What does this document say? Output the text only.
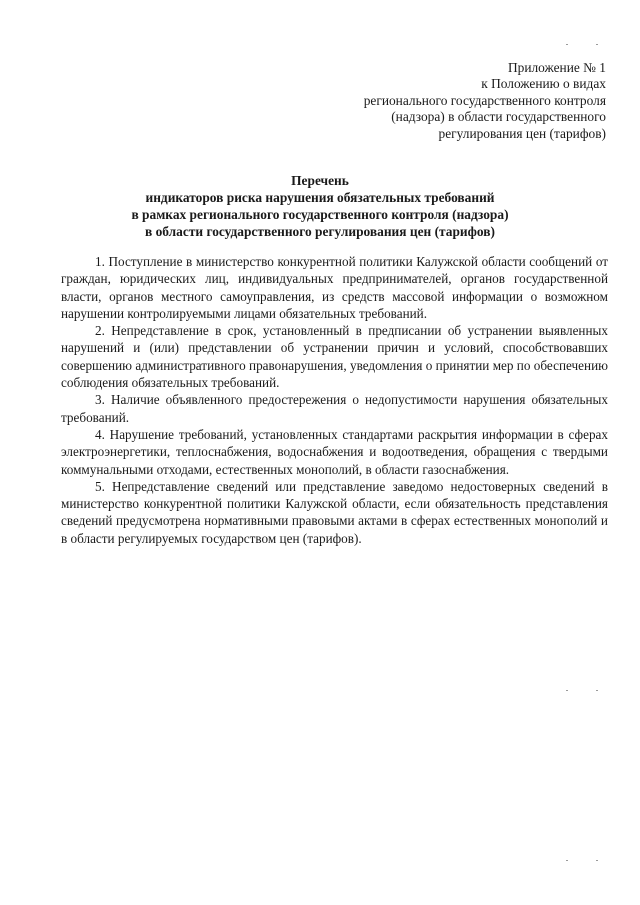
Приложение № 1
к Положению о видах
регионального государственного контроля
(надзора) в области государственного
регулирования цен (тарифов)
Перечень
индикаторов риска нарушения обязательных требований
в рамках регионального государственного контроля (надзора)
в области государственного регулирования цен (тарифов)

1. Поступление в министерство конкурентной политики Калужской области сообщений от граждан, юридических лиц, индивидуальных предпринимателей, органов государственной власти, органов местного самоуправления, из средств массовой информации о возможном нарушении контролируемыми лицами обязательных требований.

2. Непредставление в срок, установленный в предписании об устранении выявленных нарушений и (или) представлении об устранении причин и условий, способствовавших совершению административного правонарушения, уведомления о принятии мер по обеспечению соблюдения обязательных требований.

3. Наличие объявленного предостережения о недопустимости нарушения обязательных требований.

4. Нарушение требований, установленных стандартами раскрытия информации в сферах электроэнергетики, теплоснабжения, водоснабжения и водоотведения, обращения с твердыми коммунальными отходами, естественных монополий, в области газоснабжения.

5. Непредставление сведений или представление заведомо недостоверных сведений в министерство конкурентной политики Калужской области, если обязательность представления сведений предусмотрена нормативными правовыми актами в сферах естественных монополий и в области регулируемых государством цен (тарифов).
